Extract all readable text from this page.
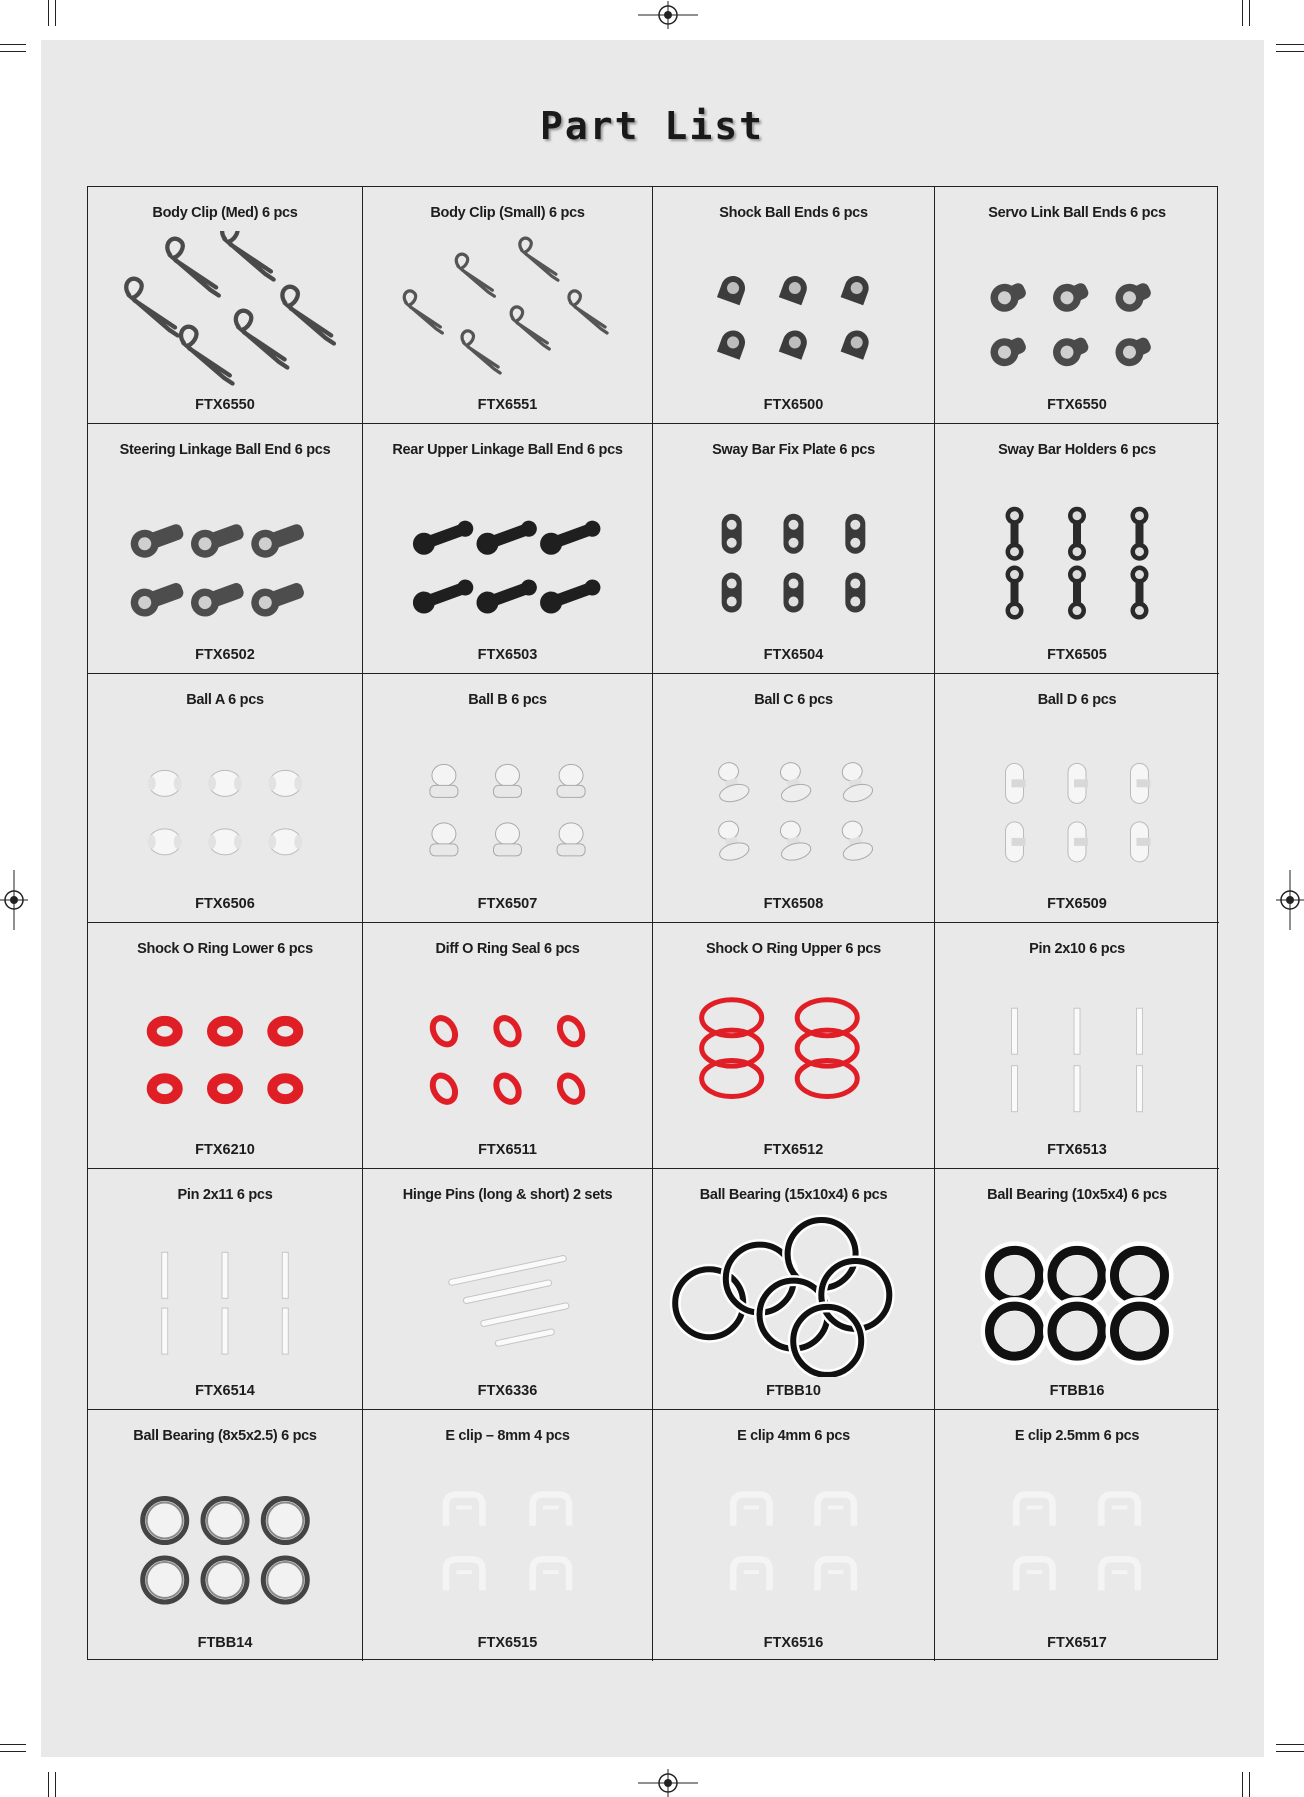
Part List
Body Clip (Med) 6 pcs
FTX6550
Body Clip (Small) 6 pcs
FTX6551
Shock Ball Ends 6 pcs
FTX6500
Servo Link Ball Ends 6 pcs
FTX6550
Steering Linkage Ball End 6 pcs
FTX6502
Rear Upper Linkage Ball End 6 pcs
FTX6503
Sway Bar Fix Plate 6 pcs
FTX6504
Sway Bar Holders 6 pcs
FTX6505
Ball A 6 pcs
FTX6506
Ball B 6 pcs
FTX6507
Ball C 6 pcs
FTX6508
Ball D 6 pcs
FTX6509
Shock O Ring Lower 6 pcs
FTX6210
Diff O Ring Seal 6 pcs
FTX6511
Shock O Ring Upper 6 pcs
FTX6512
Pin 2x10 6 pcs
FTX6513
Pin 2x11 6 pcs
FTX6514
Hinge Pins (long & short) 2 sets
FTX6336
Ball Bearing (15x10x4) 6 pcs
FTBB10
Ball Bearing (10x5x4) 6 pcs
FTBB16
Ball Bearing (8x5x2.5) 6 pcs
FTBB14
E clip – 8mm 4 pcs
FTX6515
E clip 4mm 6 pcs
FTX6516
E clip 2.5mm 6 pcs
FTX6517
